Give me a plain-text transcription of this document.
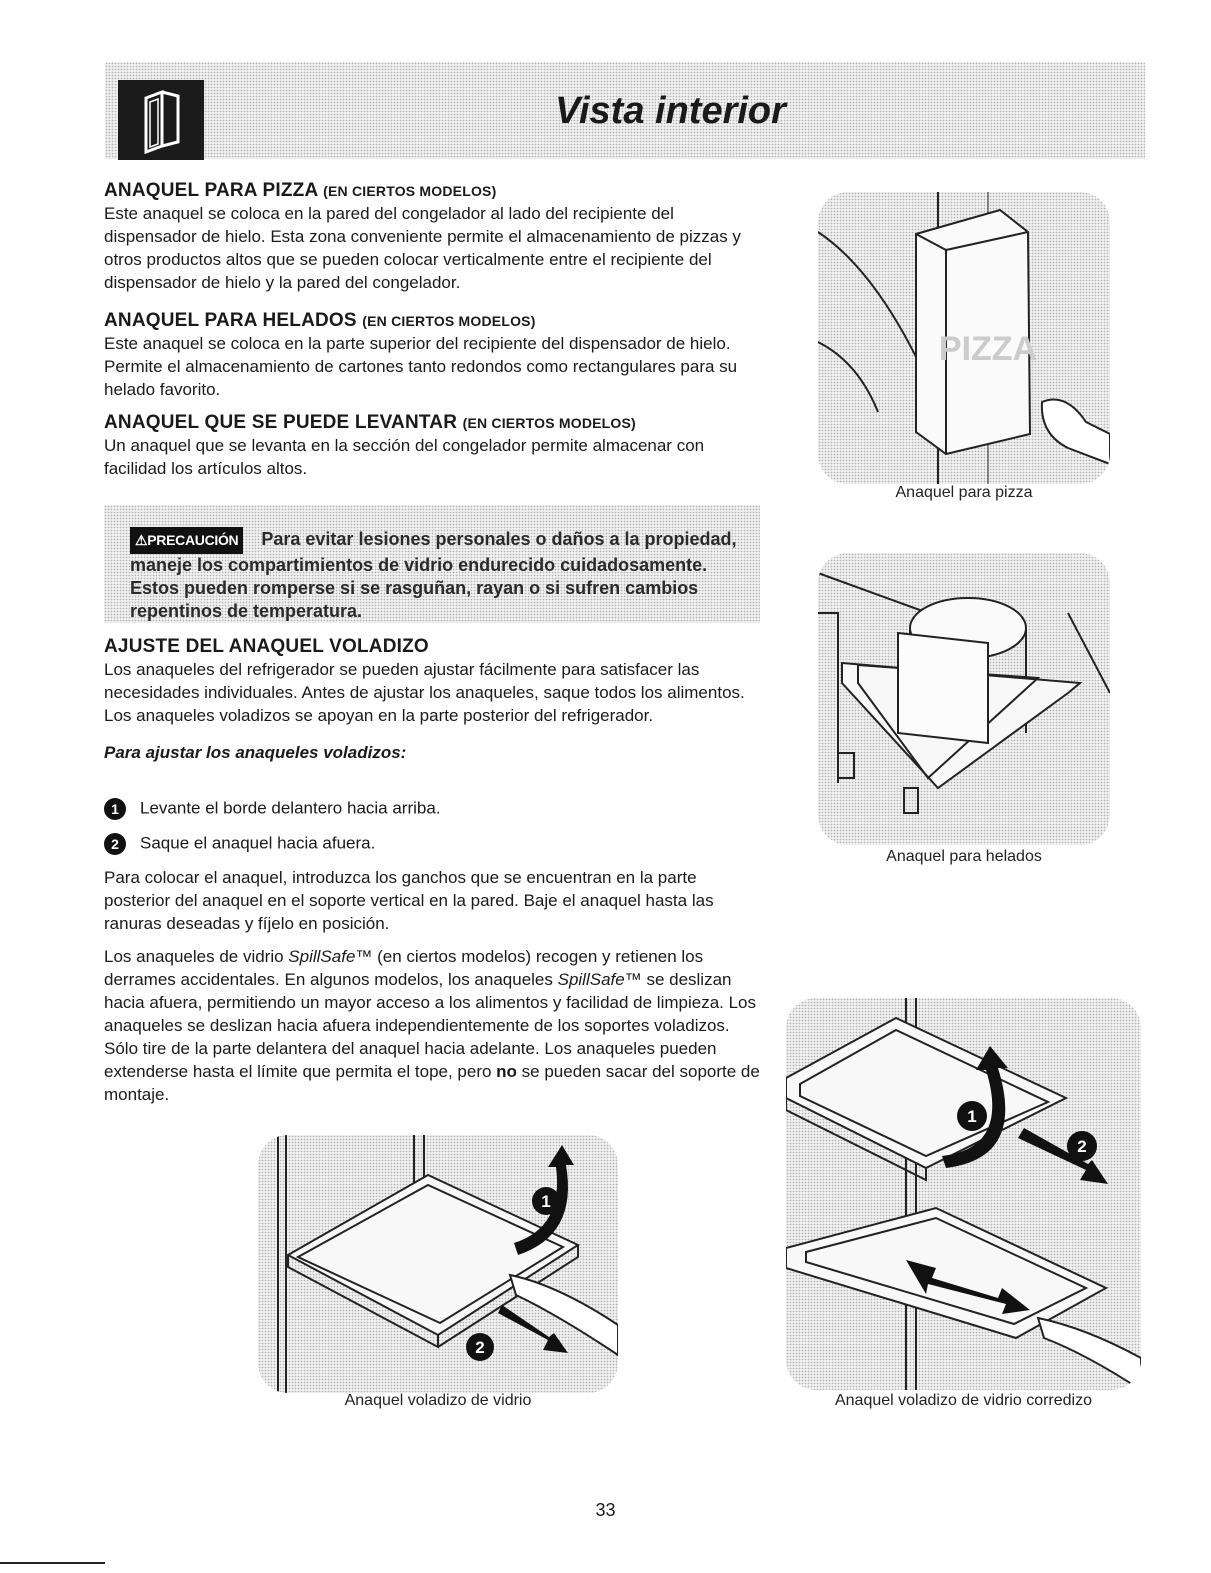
Vista interior
ANAQUEL PARA PIZZA (EN CIERTOS MODELOS)

Este anaquel se coloca en la pared del congelador al lado del recipiente del dispensador de hielo. Esta zona conveniente permite el almacenamiento de pizzas y otros productos altos que se pueden colocar verticalmente entre el recipiente del dispensador de hielo y la pared del congelador.

ANAQUEL PARA HELADOS (EN CIERTOS MODELOS)

Este anaquel se coloca en la parte superior del recipiente del dispensador de hielo. Permite el almacenamiento de cartones tanto redondos como rectangulares para su helado favorito.

ANAQUEL QUE SE PUEDE LEVANTAR (EN CIERTOS MODELOS)

Un anaquel que se levanta en la sección del congelador permite almacenar con facilidad los artículos altos.

⚠PRECAUCIÓN Para evitar lesiones personales o daños a la propiedad, maneje los compartimientos de vidrio endurecido cuidadosamente. Estos pueden romperse si se rasguñan, rayan o si sufren cambios repentinos de temperatura.
AJUSTE DEL ANAQUEL VOLADIZO

Los anaqueles del refrigerador se pueden ajustar fácilmente para satisfacer las necesidades individuales. Antes de ajustar los anaqueles, saque todos los alimentos. Los anaqueles voladizos se apoyan en la parte posterior del refrigerador.

Para ajustar los anaqueles voladizos:

1 Levante el borde delantero hacia arriba.
2 Saque el anaquel hacia afuera.

Para colocar el anaquel, introduzca los ganchos que se encuentran en la parte posterior del anaquel en el soporte vertical en la pared. Baje el anaquel hasta las ranuras deseadas y fíjelo en posición.

Los anaqueles de vidrio SpillSafe™ (en ciertos modelos) recogen y retienen los derrames accidentales. En algunos modelos, los anaqueles SpillSafe™ se deslizan hacia afuera, permitiendo un mayor acceso a los alimentos y facilidad de limpieza. Los anaqueles se deslizan hacia afuera independientemente de los soportes voladizos. Sólo tire de la parte delantera del anaquel hacia adelante. Los anaqueles pueden extenderse hasta el límite que permita el tope, pero no se pueden sacar del soporte de montaje.

PIZZA
Anaquel para pizza
Anaquel para helados
1
2
Anaquel voladizo de vidrio
1
2
Anaquel voladizo de vidrio corredizo
33
